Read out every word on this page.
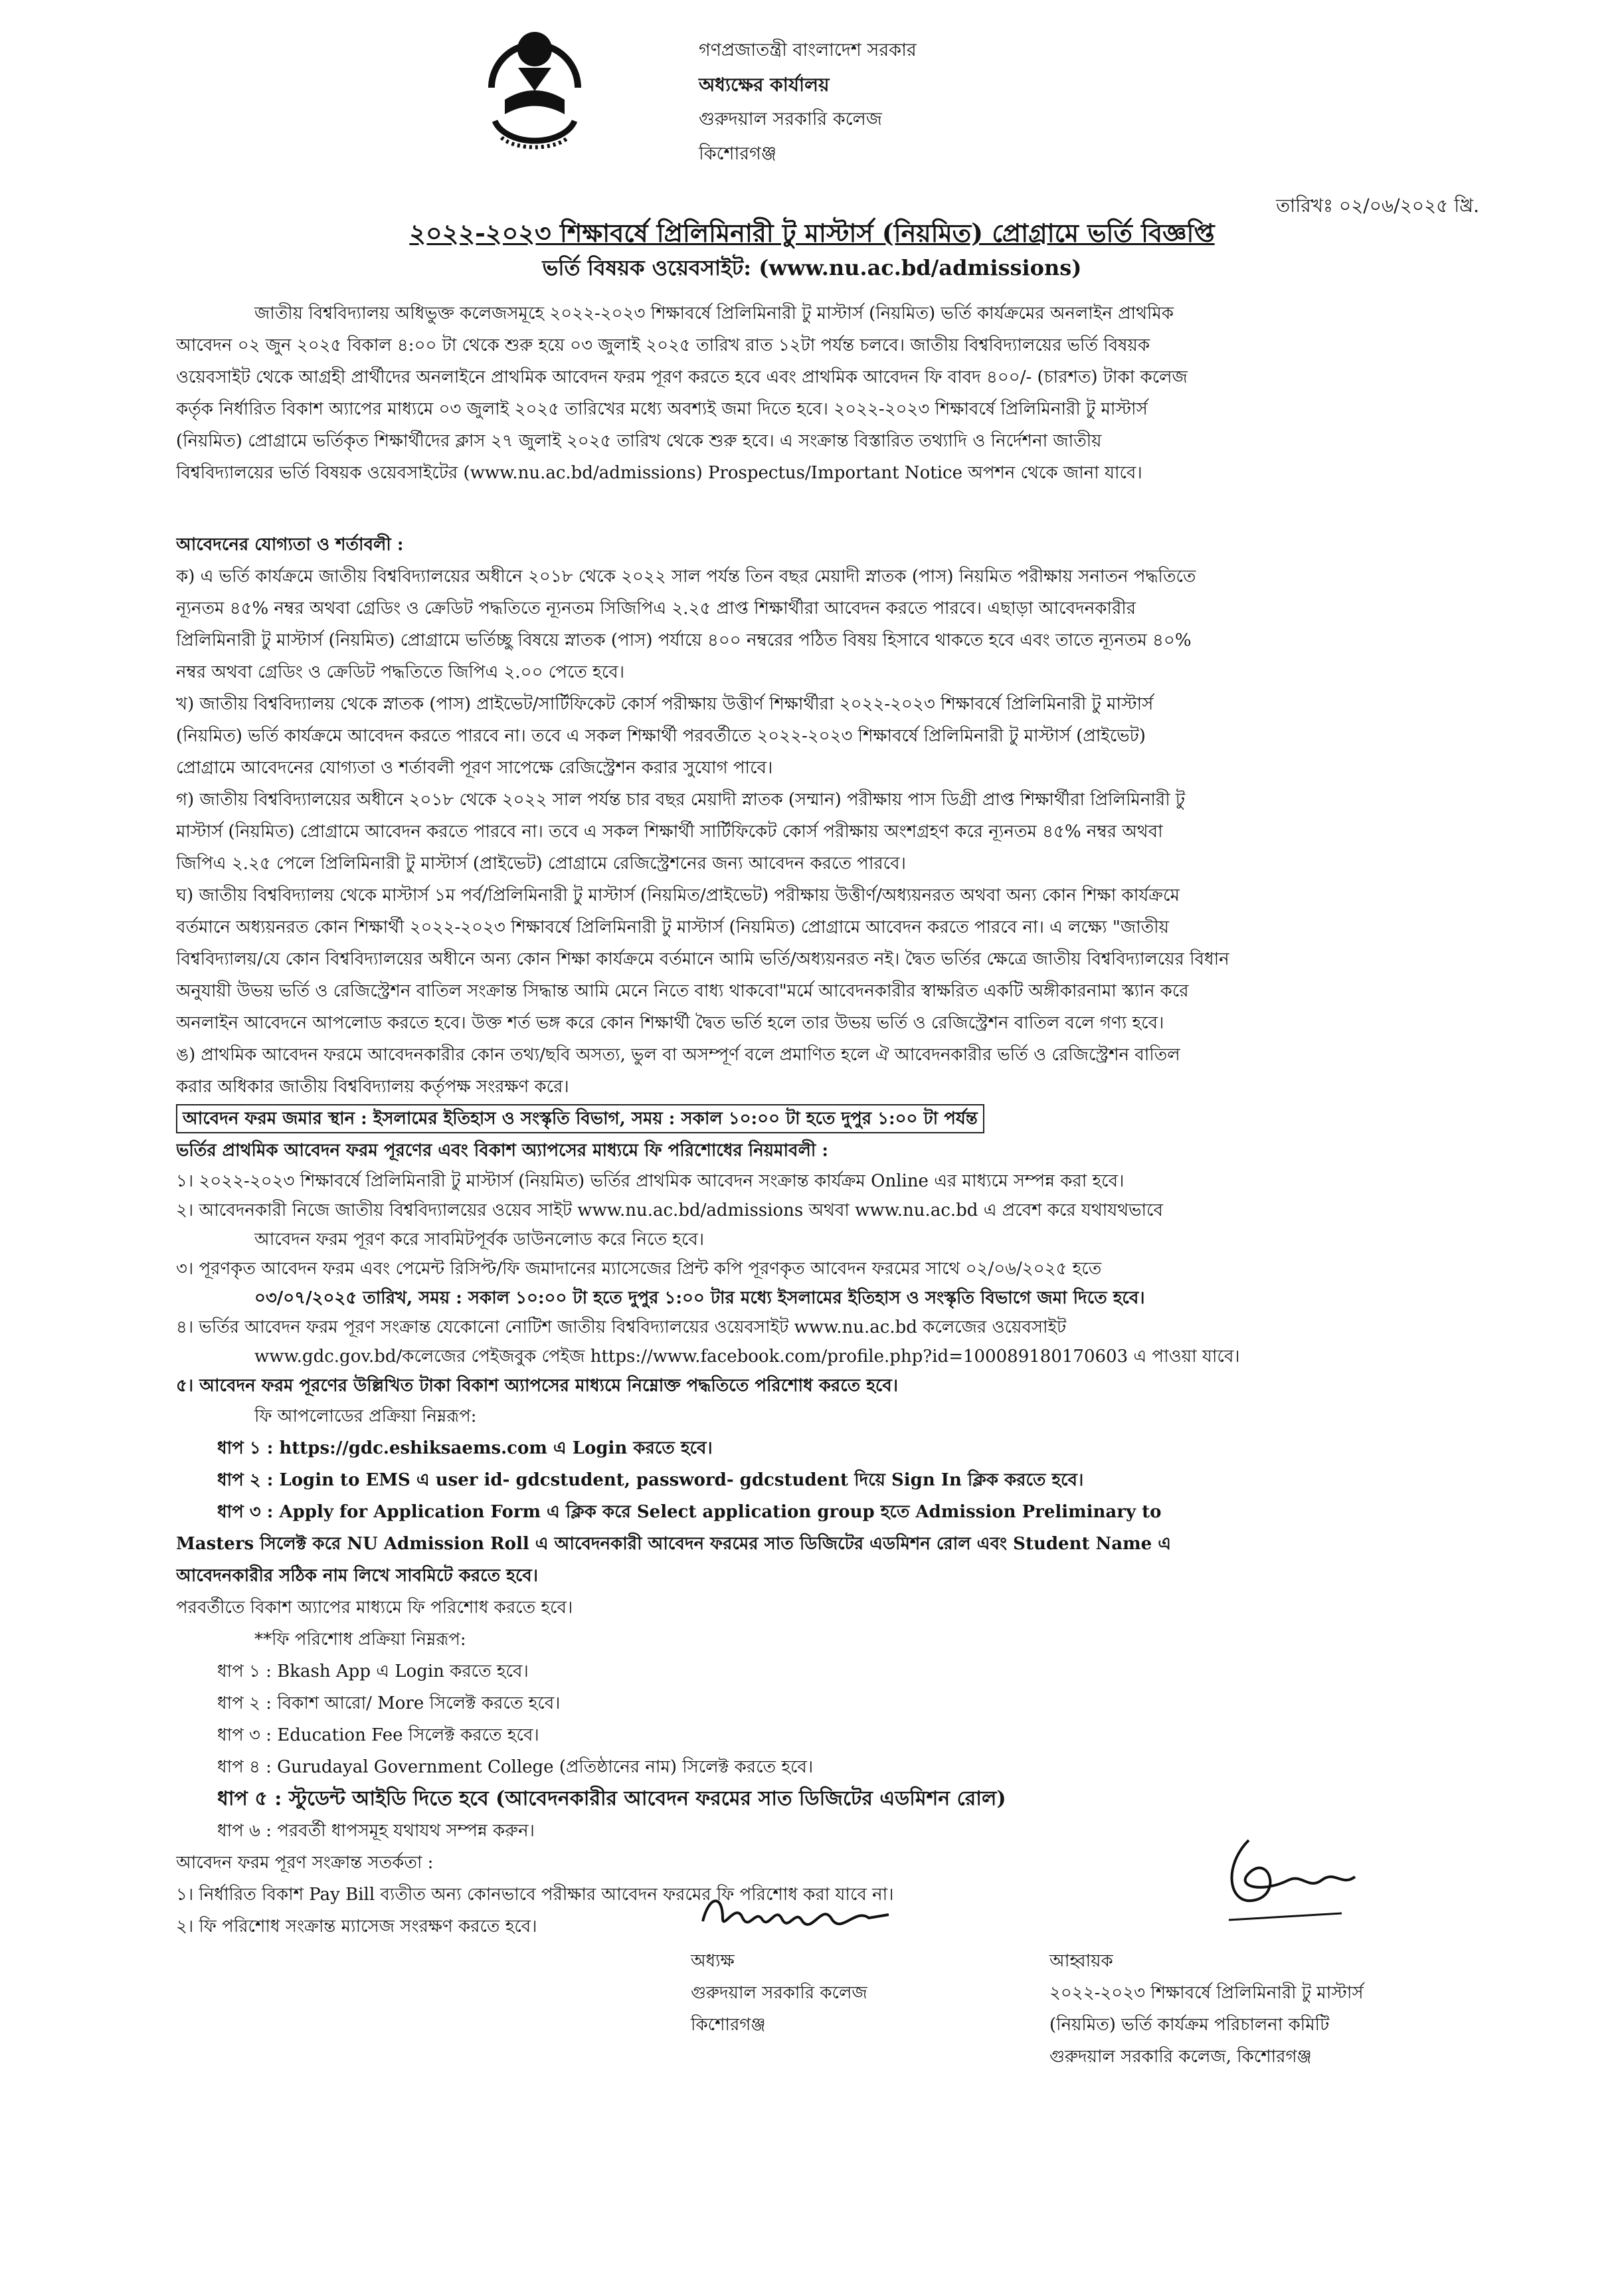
গণপ্রজাতন্ত্রী বাংলাদেশ সরকার
অধ্যক্ষের কার্যালয়
গুরুদয়াল সরকারি কলেজ
কিশোরগঞ্জ
তারিখঃ ০২/০৬/২০২৫ খ্রি.
২০২২-২০২৩ শিক্ষাবর্ষে প্রিলিমিনারী টু মাস্টার্স (নিয়মিত) প্রোগ্রামে ভর্তি বিজ্ঞপ্তি
ভর্তি বিষয়ক ওয়েবসাইট: (www.nu.ac.bd/admissions)
জাতীয় বিশ্ববিদ্যালয় অধিভুক্ত কলেজসমূহে ২০২২-২০২৩ শিক্ষাবর্ষে প্রিলিমিনারী টু মাস্টার্স (নিয়মিত) ভর্তি কার্যক্রমের অনলাইন প্রাথমিক
আবেদন ০২ জুন ২০২৫ বিকাল ৪:০০ টা থেকে শুরু হয়ে ০৩ জুলাই ২০২৫ তারিখ রাত ১২টা পর্যন্ত চলবে। জাতীয় বিশ্ববিদ্যালয়ের ভর্তি বিষয়ক
ওয়েবসাইট থেকে আগ্রহী প্রার্থীদের অনলাইনে প্রাথমিক আবেদন ফরম পূরণ করতে হবে এবং প্রাথমিক আবেদন ফি বাবদ ৪০০/- (চারশত) টাকা কলেজ
কর্তৃক নির্ধারিত বিকাশ অ্যাপের মাধ্যমে ০৩ জুলাই ২০২৫ তারিখের মধ্যে অবশ্যই জমা দিতে হবে। ২০২২-২০২৩ শিক্ষাবর্ষে প্রিলিমিনারী টু মাস্টার্স
(নিয়মিত) প্রোগ্রামে ভর্তিকৃত শিক্ষার্থীদের ক্লাস ২৭ জুলাই ২০২৫ তারিখ থেকে শুরু হবে। এ সংক্রান্ত বিস্তারিত তথ্যাদি ও নির্দেশনা জাতীয়
বিশ্ববিদ্যালয়ের ভর্তি বিষয়ক ওয়েবসাইটের (www.nu.ac.bd/admissions) Prospectus/Important Notice অপশন থেকে জানা যাবে।
আবেদনের যোগ্যতা ও শর্তাবলী :
ক) এ ভর্তি কার্যক্রমে জাতীয় বিশ্ববিদ্যালয়ের অধীনে ২০১৮ থেকে ২০২২ সাল পর্যন্ত তিন বছর মেয়াদী স্নাতক (পাস) নিয়মিত পরীক্ষায় সনাতন পদ্ধতিতে
ন্যূনতম ৪৫% নম্বর অথবা গ্রেডিং ও ক্রেডিট পদ্ধতিতে ন্যূনতম সিজিপিএ ২.২৫ প্রাপ্ত শিক্ষার্থীরা আবেদন করতে পারবে। এছাড়া আবেদনকারীর
প্রিলিমিনারী টু মাস্টার্স (নিয়মিত) প্রোগ্রামে ভর্তিচ্ছু বিষয়ে স্নাতক (পাস) পর্যায়ে ৪০০ নম্বরের পঠিত বিষয় হিসাবে থাকতে হবে এবং তাতে ন্যূনতম ৪০%
নম্বর অথবা গ্রেডিং ও ক্রেডিট পদ্ধতিতে জিপিএ ২.০০ পেতে হবে।
খ) জাতীয় বিশ্ববিদ্যালয় থেকে স্নাতক (পাস) প্রাইভেট/সার্টিফিকেট কোর্স পরীক্ষায় উত্তীর্ণ শিক্ষার্থীরা ২০২২-২০২৩ শিক্ষাবর্ষে প্রিলিমিনারী টু মাস্টার্স
(নিয়মিত) ভর্তি কার্যক্রমে আবেদন করতে পারবে না। তবে এ সকল শিক্ষার্থী পরবর্তীতে ২০২২-২০২৩ শিক্ষাবর্ষে প্রিলিমিনারী টু মাস্টার্স (প্রাইভেট)
প্রোগ্রামে আবেদনের যোগ্যতা ও শর্তাবলী পূরণ সাপেক্ষে রেজিস্ট্রেশন করার সুযোগ পাবে।
গ) জাতীয় বিশ্ববিদ্যালয়ের অধীনে ২০১৮ থেকে ২০২২ সাল পর্যন্ত চার বছর মেয়াদী স্নাতক (সম্মান) পরীক্ষায় পাস ডিগ্রী প্রাপ্ত শিক্ষার্থীরা প্রিলিমিনারী টু
মাস্টার্স (নিয়মিত) প্রোগ্রামে আবেদন করতে পারবে না। তবে এ সকল শিক্ষার্থী সার্টিফিকেট কোর্স পরীক্ষায় অংশগ্রহণ করে ন্যূনতম ৪৫% নম্বর অথবা
জিপিএ ২.২৫ পেলে প্রিলিমিনারী টু মাস্টার্স (প্রাইভেট) প্রোগ্রামে রেজিস্ট্রেশনের জন্য আবেদন করতে পারবে।
ঘ) জাতীয় বিশ্ববিদ্যালয় থেকে মাস্টার্স ১ম পর্ব/প্রিলিমিনারী টু মাস্টার্স (নিয়মিত/প্রাইভেট) পরীক্ষায় উত্তীর্ণ/অধ্যয়নরত অথবা অন্য কোন শিক্ষা কার্যক্রমে
বর্তমানে অধ্যয়নরত কোন শিক্ষার্থী ২০২২-২০২৩ শিক্ষাবর্ষে প্রিলিমিনারী টু মাস্টার্স (নিয়মিত) প্রোগ্রামে আবেদন করতে পারবে না। এ লক্ষ্যে "জাতীয়
বিশ্ববিদ্যালয়/যে কোন বিশ্ববিদ্যালয়ের অধীনে অন্য কোন শিক্ষা কার্যক্রমে বর্তমানে আমি ভর্তি/অধ্যয়নরত নই। দ্বৈত ভর্তির ক্ষেত্রে জাতীয় বিশ্ববিদ্যালয়ের বিধান
অনুযায়ী উভয় ভর্তি ও রেজিস্ট্রেশন বাতিল সংক্রান্ত সিদ্ধান্ত আমি মেনে নিতে বাধ্য থাকবো"মর্মে আবেদনকারীর স্বাক্ষরিত একটি অঙ্গীকারনামা স্ক্যান করে
অনলাইন আবেদনে আপলোড করতে হবে। উক্ত শর্ত ভঙ্গ করে কোন শিক্ষার্থী দ্বৈত ভর্তি হলে তার উভয় ভর্তি ও রেজিস্ট্রেশন বাতিল বলে গণ্য হবে।
ঙ) প্রাথমিক আবেদন ফরমে আবেদনকারীর কোন তথ্য/ছবি অসত্য, ভুল বা অসম্পূর্ণ বলে প্রমাণিত হলে ঐ আবেদনকারীর ভর্তি ও রেজিস্ট্রেশন বাতিল
করার অধিকার জাতীয় বিশ্ববিদ্যালয় কর্তৃপক্ষ সংরক্ষণ করে।
আবেদন ফরম জমার স্থান : ইসলামের ইতিহাস ও সংস্কৃতি বিভাগ, সময় : সকাল ১০:০০ টা হতে দুপুর ১:০০ টা পর্যন্ত
ভর্তির প্রাথমিক আবেদন ফরম পূরণের এবং বিকাশ অ্যাপসের মাধ্যমে ফি পরিশোধের নিয়মাবলী :
১। ২০২২-২০২৩ শিক্ষাবর্ষে প্রিলিমিনারী টু মাস্টার্স (নিয়মিত) ভর্তির প্রাথমিক আবেদন সংক্রান্ত কার্যক্রম Online এর মাধ্যমে সম্পন্ন করা হবে।
২। আবেদনকারী নিজে জাতীয় বিশ্ববিদ্যালয়ের ওয়েব সাইট www.nu.ac.bd/admissions অথবা www.nu.ac.bd এ প্রবেশ করে যথাযথভাবে
আবেদন ফরম পূরণ করে সাবমিটপূর্বক ডাউনলোড করে নিতে হবে।
৩। পূরণকৃত আবেদন ফরম এবং পেমেন্ট রিসিপ্ট/ফি জমাদানের ম্যাসেজের প্রিন্ট কপি পূরণকৃত আবেদন ফরমের সাথে ০২/০৬/২০২৫ হতে
০৩/০৭/২০২৫ তারিখ, সময় : সকাল ১০:০০ টা হতে দুপুর ১:০০ টার মধ্যে ইসলামের ইতিহাস ও সংস্কৃতি বিভাগে জমা দিতে হবে।
৪। ভর্তির আবেদন ফরম পূরণ সংক্রান্ত যেকোনো নোটিশ জাতীয় বিশ্ববিদ্যালয়ের ওয়েবসাইট www.nu.ac.bd কলেজের ওয়েবসাইট
www.gdc.gov.bd/কলেজের পেইজবুক পেইজ https://www.facebook.com/profile.php?id=100089180170603 এ পাওয়া যাবে।
৫। আবেদন ফরম পূরণের উল্লিখিত টাকা বিকাশ অ্যাপসের মাধ্যমে নিম্নোক্ত পদ্ধতিতে পরিশোধ করতে হবে।
ফি আপলোডের প্রক্রিয়া নিম্নরূপ:
ধাপ ১ : https://gdc.eshiksaems.com এ Login করতে হবে।
ধাপ ২ : Login to EMS এ user id- gdcstudent, password- gdcstudent দিয়ে Sign In ক্লিক করতে হবে।
ধাপ ৩ : Apply for Application Form এ ক্লিক করে Select application group হতে Admission Preliminary to
Masters সিলেক্ট করে NU Admission Roll এ আবেদনকারী আবেদন ফরমের সাত ডিজিটের এডমিশন রোল এবং Student Name এ
আবেদনকারীর সঠিক নাম লিখে সাবমিটে করতে হবে।
পরবর্তীতে বিকাশ অ্যাপের মাধ্যমে ফি পরিশোধ করতে হবে।
**ফি পরিশোধ প্রক্রিয়া নিম্নরূপ:
ধাপ ১ : Bkash App এ Login করতে হবে।
ধাপ ২ : বিকাশ আরো/ More সিলেক্ট করতে হবে।
ধাপ ৩ : Education Fee সিলেক্ট করতে হবে।
ধাপ ৪ : Gurudayal Government College (প্রতিষ্ঠানের নাম) সিলেক্ট করতে হবে।
ধাপ ৫ : স্টুডেন্ট আইডি দিতে হবে (আবেদনকারীর আবেদন ফরমের সাত ডিজিটের এডমিশন রোল)
ধাপ ৬ : পরবর্তী ধাপসমূহ যথাযথ সম্পন্ন করুন।
আবেদন ফরম পূরণ সংক্রান্ত সতর্কতা :
১। নির্ধারিত বিকাশ Pay Bill ব্যতীত অন্য কোনভাবে পরীক্ষার আবেদন ফরমের ফি পরিশোধ করা যাবে না।
২। ফি পরিশোধ সংক্রান্ত ম্যাসেজ সংরক্ষণ করতে হবে।
অধ্যক্ষ
গুরুদয়াল সরকারি কলেজ
কিশোরগঞ্জ
আহ্বায়ক
২০২২-২০২৩ শিক্ষাবর্ষে প্রিলিমিনারী টু মাস্টার্স
(নিয়মিত) ভর্তি কার্যক্রম পরিচালনা কমিটি
গুরুদয়াল সরকারি কলেজ, কিশোরগঞ্জ
